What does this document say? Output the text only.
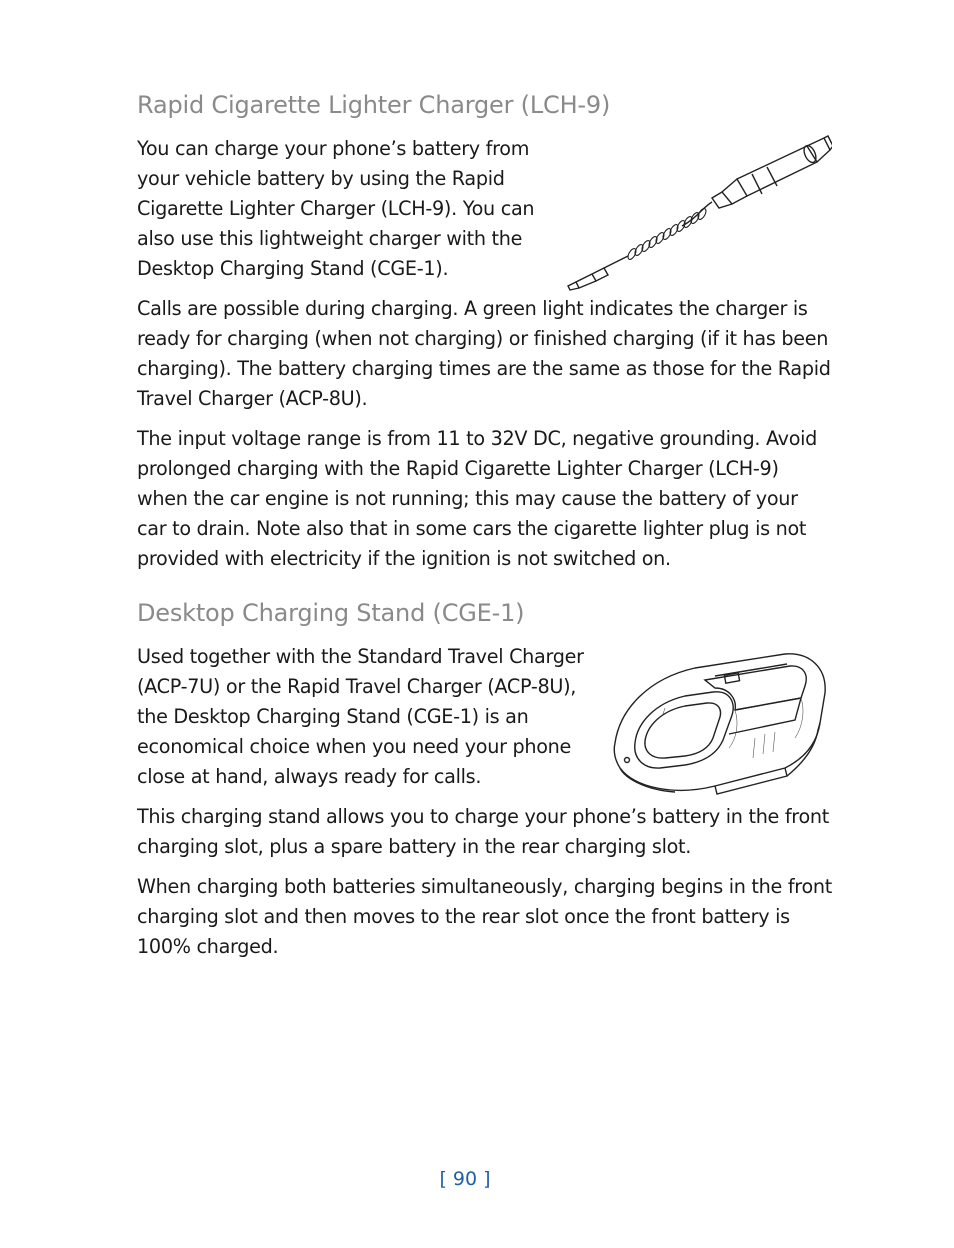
Rapid Cigarette Lighter Charger (LCH-9)

You can charge your phone’s battery from your vehicle battery by using the Rapid Cigarette Lighter Charger (LCH-9). You can also use this lightweight charger with the Desktop Charging Stand (CGE-1).

Calls are possible during charging. A green light indicates the charger is ready for charging (when not charging) or finished charging (if it has been charging). The battery charging times are the same as those for the Rapid Travel Charger (ACP-8U).

The input voltage range is from 11 to 32V DC, negative grounding. Avoid prolonged charging with the Rapid Cigarette Lighter Charger (LCH-9) when the car engine is not running; this may cause the battery of your car to drain. Note also that in some cars the cigarette lighter plug is not provided with electricity if the ignition is not switched on.

Desktop Charging Stand (CGE-1)

Used together with the Standard Travel Charger (ACP-7U) or the Rapid Travel Charger (ACP-8U), the Desktop Charging Stand (CGE-1) is an economical choice when you need your phone close at hand, always ready for calls.

This charging stand allows you to charge your phone’s battery in the front charging slot, plus a spare battery in the rear charging slot.

When charging both batteries simultaneously, charging begins in the front charging slot and then moves to the rear slot once the front battery is 100% charged.

[ 90 ]
